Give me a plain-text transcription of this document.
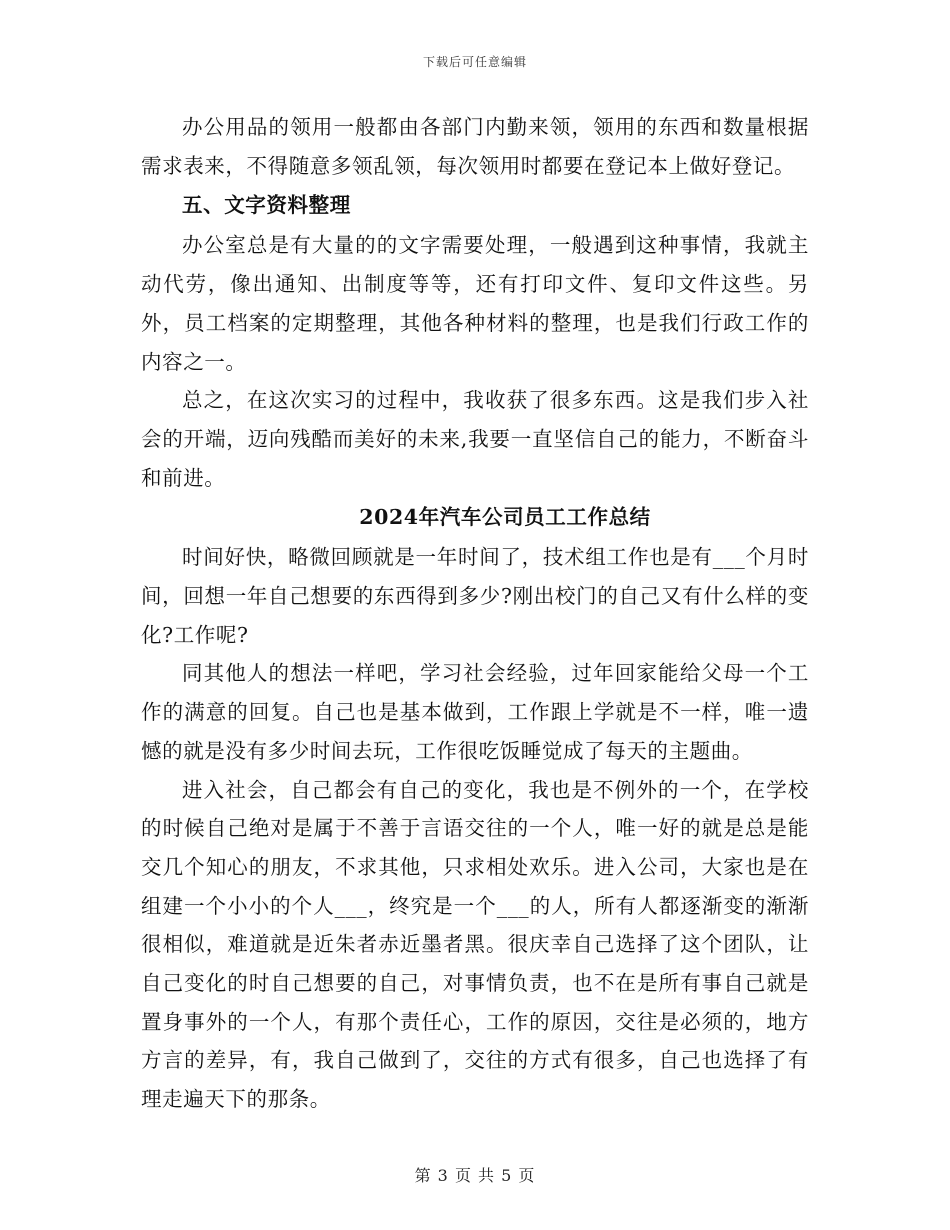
下载后可任意编辑

办公用品的领用一般都由各部门内勤来领，领用的东西和数量根据需求表来，不得随意多领乱领，每次领用时都要在登记本上做好登记。

五、文字资料整理

办公室总是有大量的的文字需要处理，一般遇到这种事情，我就主动代劳，像出通知、出制度等等，还有打印文件、复印文件这些。另外，员工档案的定期整理，其他各种材料的整理，也是我们行政工作的内容之一。

总之，在这次实习的过程中，我收获了很多东西。这是我们步入社会的开端，迈向残酷而美好的未来,我要一直坚信自己的能力，不断奋斗和前进。

2024年汽车公司员工工作总结

时间好快，略微回顾就是一年时间了，技术组工作也是有___个月时间，回想一年自己想要的东西得到多少?刚出校门的自己又有什么样的变化?工作呢?

同其他人的想法一样吧，学习社会经验，过年回家能给父母一个工作的满意的回复。自己也是基本做到，工作跟上学就是不一样，唯一遗憾的就是没有多少时间去玩，工作很吃饭睡觉成了每天的主题曲。

进入社会，自己都会有自己的变化，我也是不例外的一个，在学校的时候自己绝对是属于不善于言语交往的一个人，唯一好的就是总是能交几个知心的朋友，不求其他，只求相处欢乐。进入公司，大家也是在组建一个小小的个人___，终究是一个___的人，所有人都逐渐变的渐渐很相似，难道就是近朱者赤近墨者黑。很庆幸自己选择了这个团队，让自己变化的时自己想要的自己，对事情负责，也不在是所有事自己就是置身事外的一个人，有那个责任心，工作的原因，交往是必须的，地方方言的差异，有，我自己做到了，交往的方式有很多，自己也选择了有理走遍天下的那条。

第 3 页 共 5 页
